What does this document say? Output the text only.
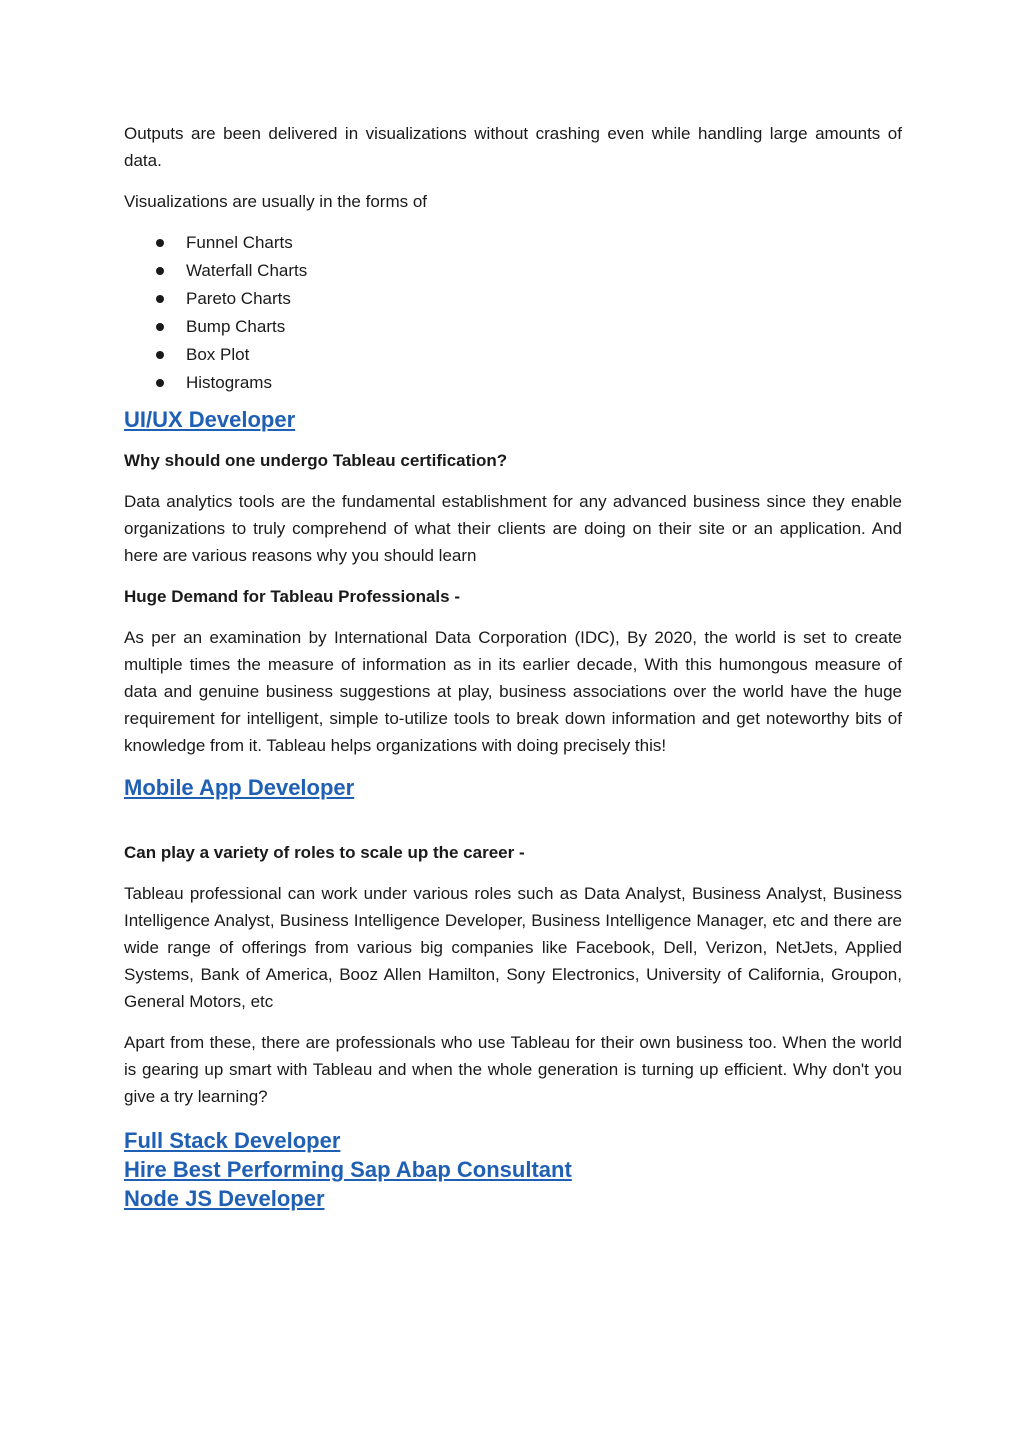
Outputs are been delivered in visualizations without crashing even while handling large amounts of data.

Visualizations are usually in the forms of

Funnel Charts
Waterfall Charts
Pareto Charts
Bump Charts
Box Plot
Histograms
UI/UX Developer

Why should one undergo Tableau certification?

Data analytics tools are the fundamental establishment for any advanced business since they enable organizations to truly comprehend of what their clients are doing on their site or an application. And here are various reasons why you should learn

Huge Demand for Tableau Professionals -

As per an examination by International Data Corporation (IDC), By 2020, the world is set to create multiple times the measure of information as in its earlier decade, With this humongous measure of data and genuine business suggestions at play, business associations over the world have the huge requirement for intelligent, simple to-utilize tools to break down information and get noteworthy bits of knowledge from it. Tableau helps organizations with doing precisely this!

Mobile App Developer

Can play a variety of roles to scale up the career -

Tableau professional can work under various roles such as Data Analyst, Business Analyst, Business Intelligence Analyst, Business Intelligence Developer, Business Intelligence Manager, etc and there are wide range of offerings from various big companies like Facebook, Dell, Verizon, NetJets, Applied Systems, Bank of America, Booz Allen Hamilton, Sony Electronics, University of California, Groupon, General Motors, etc

Apart from these, there are professionals who use Tableau for their own business too. When the world is gearing up smart with Tableau and when the whole generation is turning up efficient. Why don't you give a try learning?

Full Stack Developer
Hire Best Performing Sap Abap Consultant
Node JS Developer
